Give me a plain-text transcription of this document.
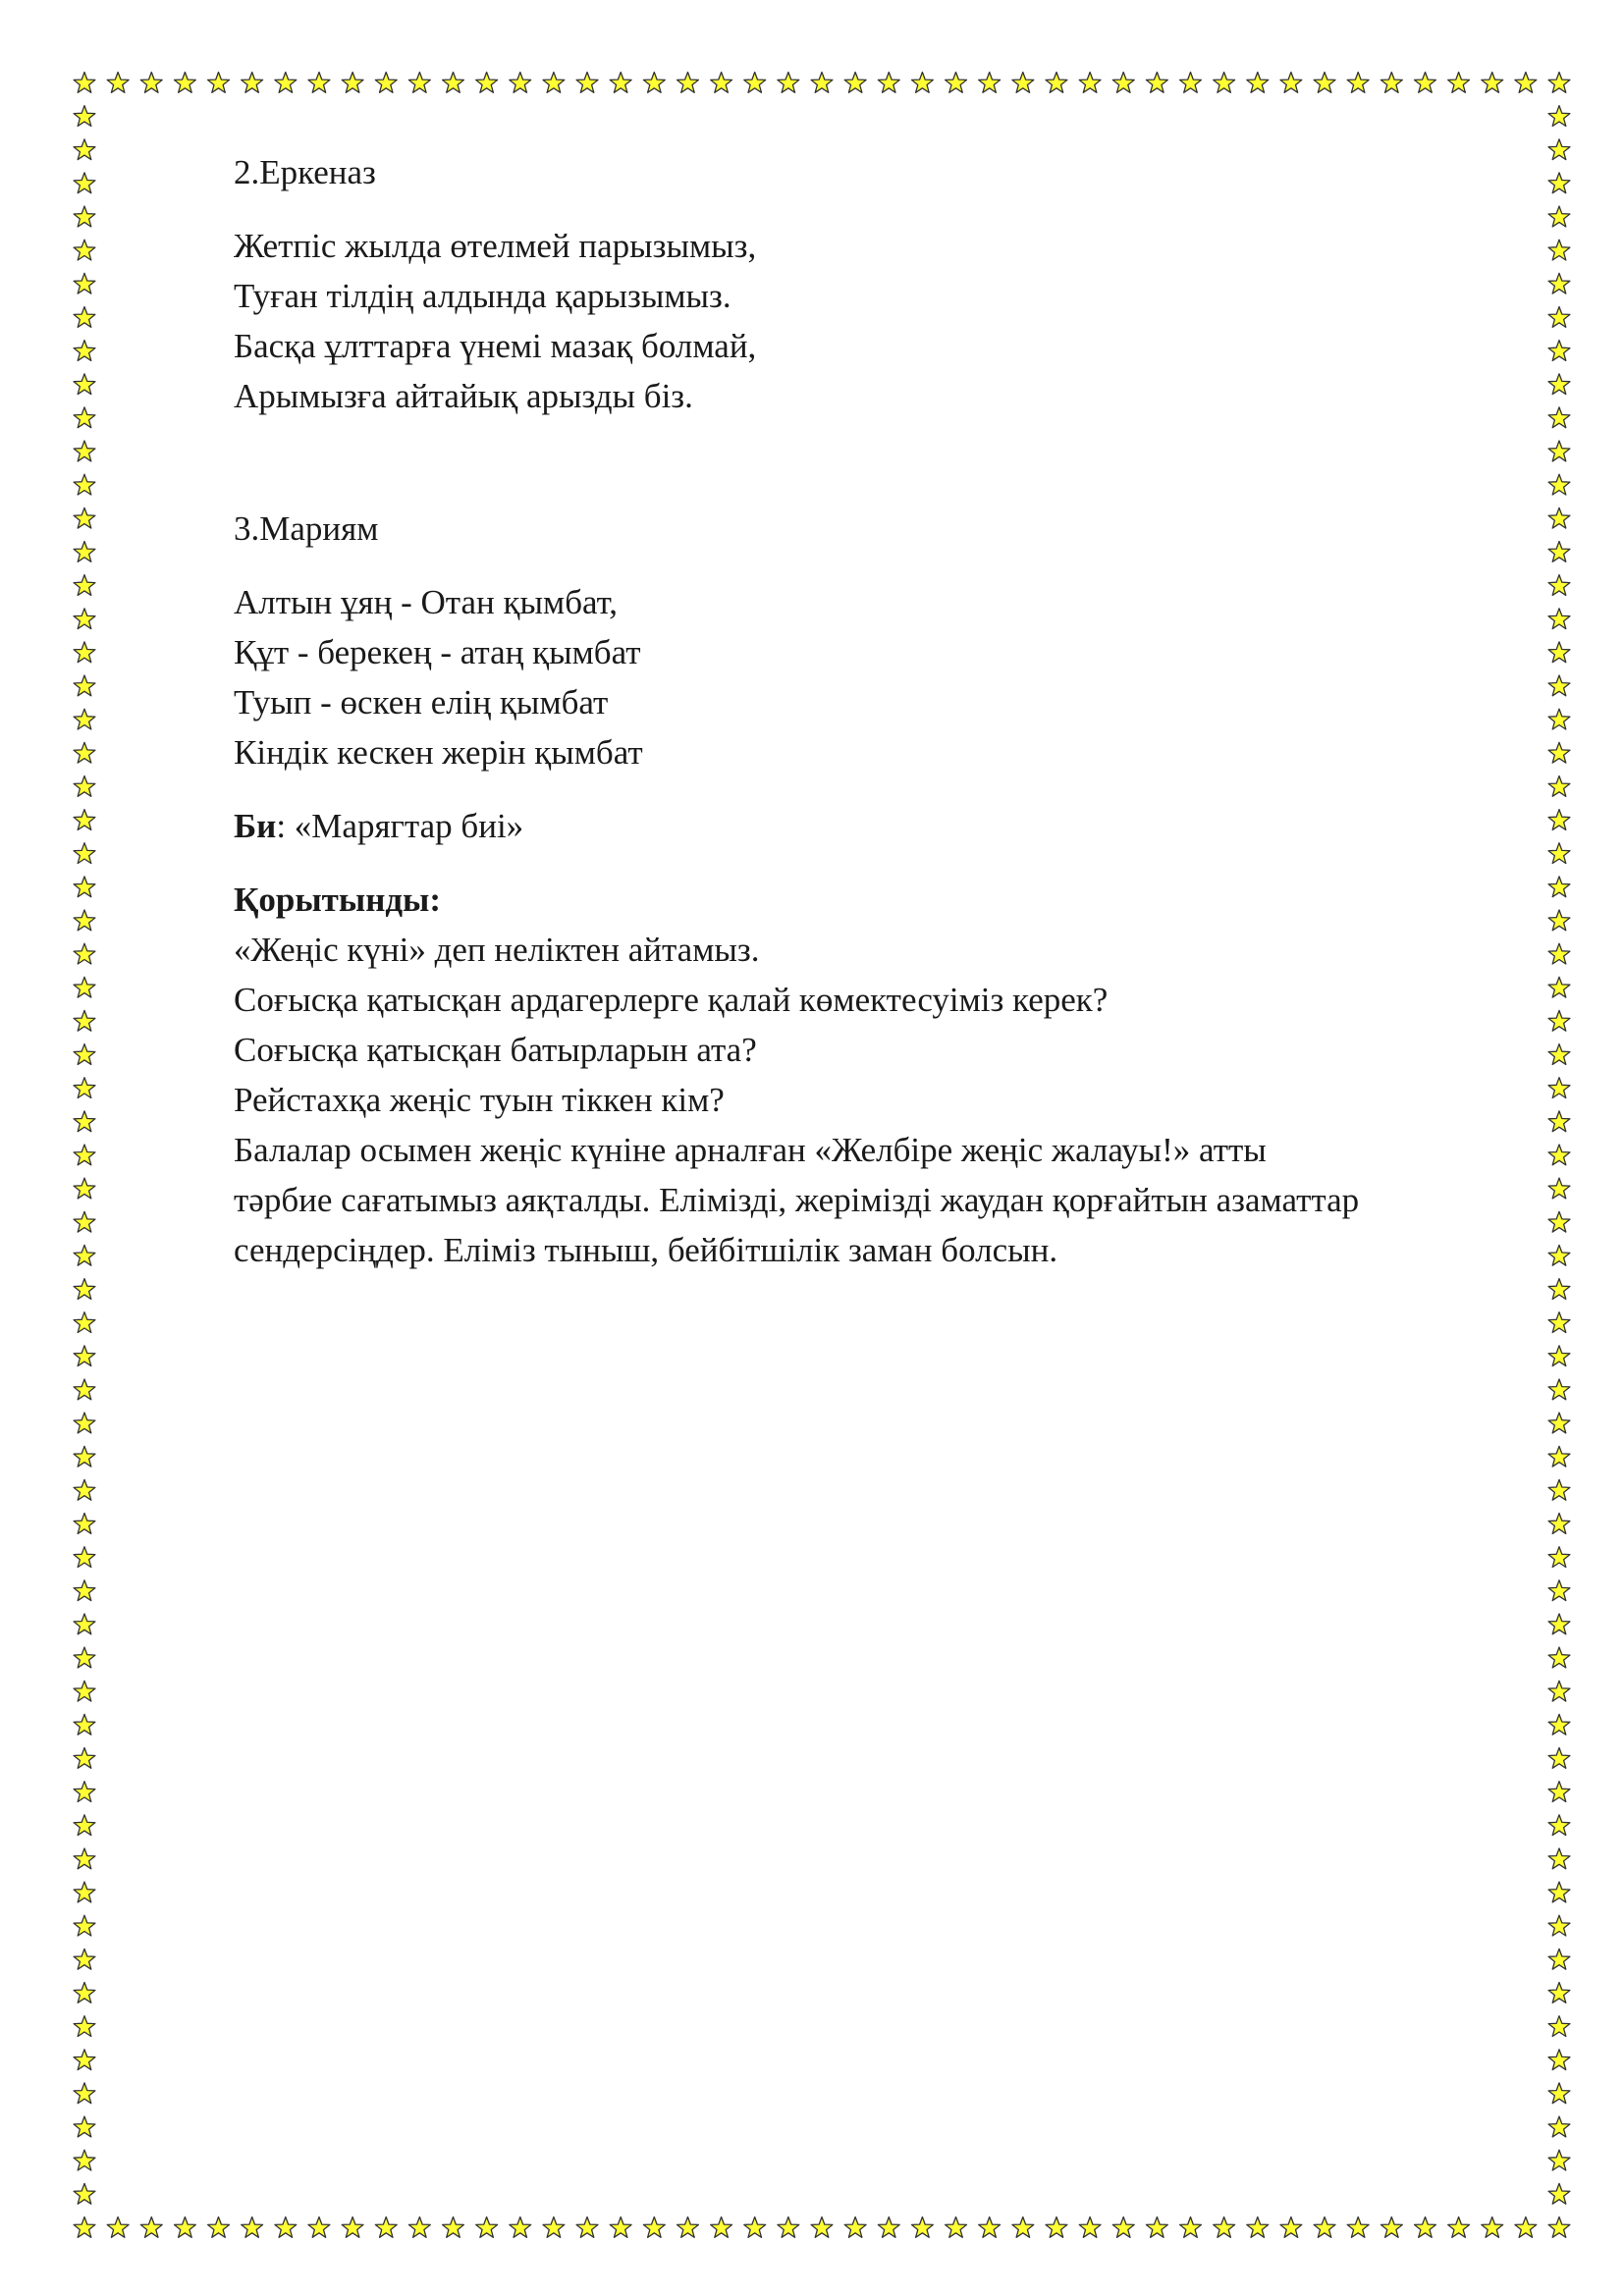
2.Еркеназ

Жетпіс жылда өтелмей парызымыз,

Туған тілдің алдында қарызымыз.

Басқа ұлттарға үнемі мазақ болмай,

Арымызға айтайық арызды біз.

3.Мариям

Алтын ұяң - Отан қымбат,

Құт - берекең - атаң қымбат

Туып - өскен елің қымбат

Кіндік кескен жерін қымбат

Би: «Марягтар биі»

Қорытынды:

«Жеңіс күні» деп неліктен айтамыз.

Соғысқа қатысқан ардагерлерге қалай көмектесуіміз керек?

Соғысқа қатысқан батырларын ата?

Рейстахқа жеңіс туын тіккен кім?

Балалар осымен жеңіс күніне арналған «Желбіре жеңіс жалауы!» атты

тәрбие сағатымыз аяқталды. Елімізді, жерімізді жаудан қорғайтын азаматтар

сендерсіңдер. Еліміз тыныш, бейбітшілік заман болсын.
